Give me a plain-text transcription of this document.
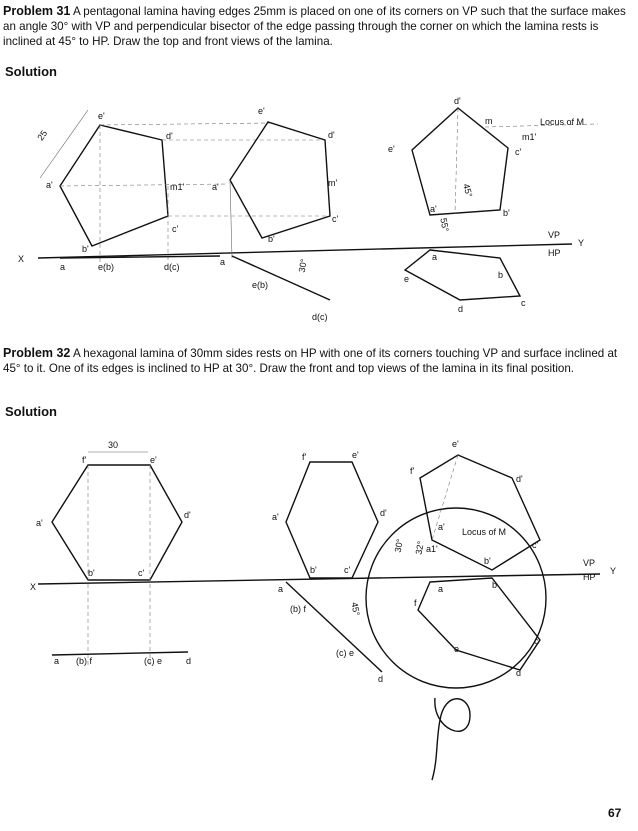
Problem 31 A pentagonal lamina having edges 25mm is placed on one of its corners on VP such that the surface makes an angle 30° with VP and perpendicular bisector of the edge passing through the corner on which the lamina rests is inclined at 45° to HP. Draw the top and front views of the lamina.
Solution
Problem 32 A hexagonal lamina of 30mm sides rests on HP with one of its corners touching VP and surface inclined at 45° to it. One of its edges is inclined to HP at 30°. Draw the front and top views of the lamina in its final position.
Solution
X
Y
VP
HP
25
e'
d'
m1'
c'
b'
a'
a	e(b)	d(c)
e'
d'
m'
c'
b'
a'
a
e(b)
d(c)
30°
d'
m
m1'
e'	c'
b'
a'
Locus of M
45°
55°
a
e	b
c
d
X
Y
VP
HP
30
f'	e'
a'
d'
b'	c'
a (b) f	(c) e	d
f'	e'
a'	d'
b'	c'
a
(b) f
(c) e
d
45°
e'
f'
d'
a'
a1'	c'
b'
Locus of M
30° 32°
a	b
f
e
c
d
67
